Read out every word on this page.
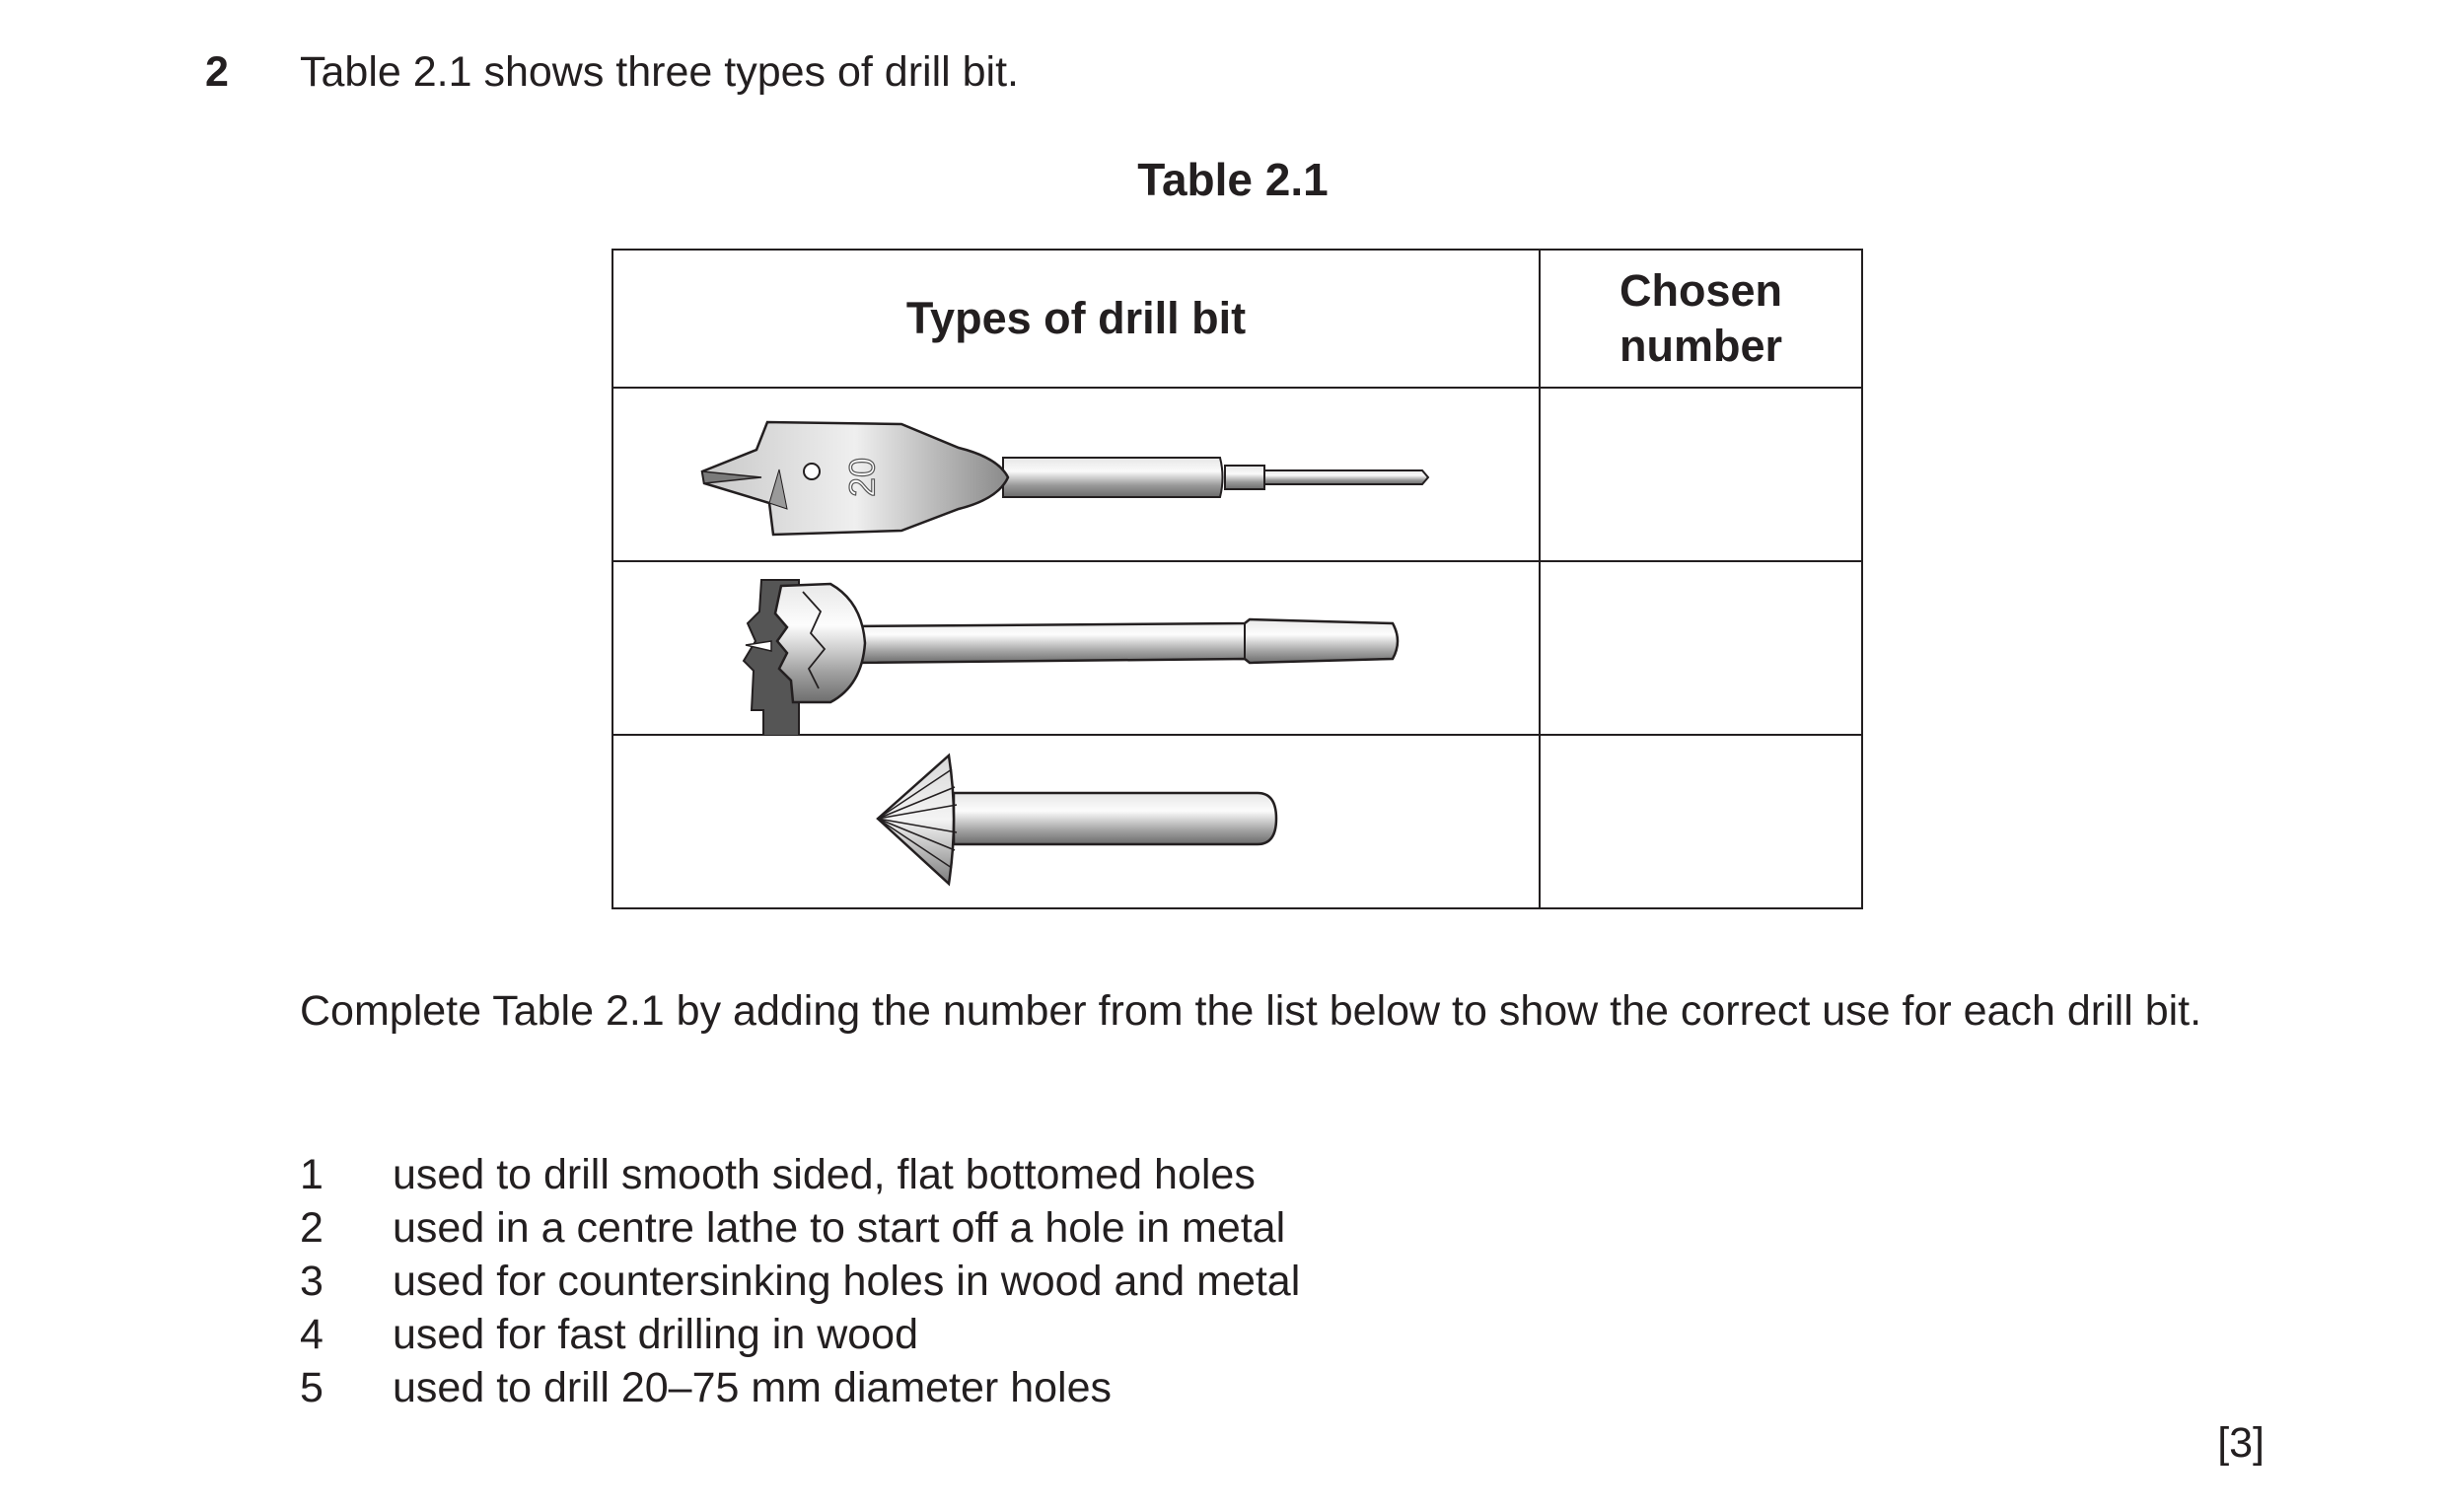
2 Table 2.1 shows three types of drill bit.
Table 2.1
Types of drill bit	Chosen number

20	

Complete Table 2.1 by adding the number from the list below to show the correct use for each drill bit.
1	used to drill smooth sided, flat bottomed holes
2	used in a centre lathe to start off a hole in metal
3	used for countersinking holes in wood and metal
4	used for fast drilling in wood
5	used to drill 20–75 mm diameter holes
[3]
